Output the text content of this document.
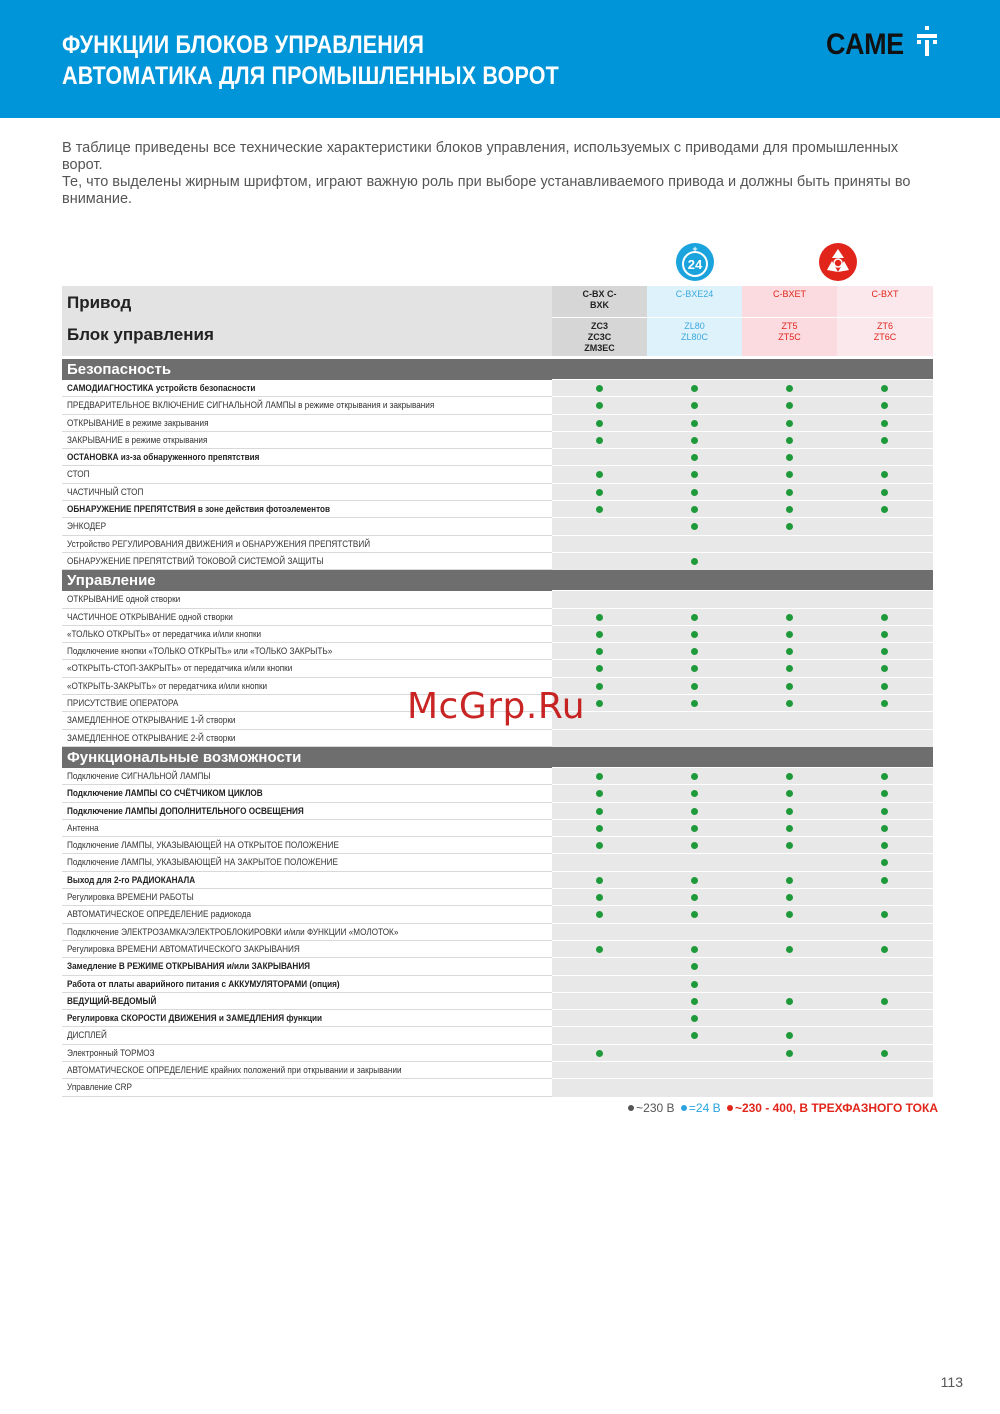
ФУНКЦИИ БЛОКОВ УПРАВЛЕНИЯ
АВТОМАТИКА ДЛЯ ПРОМЫШЛЕННЫХ ВОРОТ
CAME

В таблице приведены все технические характеристики блоков управления, используемых с приводами для промышленных ворот.

Те, что выделены жирным шрифтом, играют важную роль при выборе устанавливаемого привода и должны быть приняты во внимание.

24
+
Привод
Блок управления
C-BX C-BXK
ZC3 ZC3C ZM3EC
C-BXE24
ZL80 ZL80C
C-BXET
ZT5 ZT5C
C-BXT
ZT6 ZT6C
Безопасность
САМОДИАГНОСТИКА устройств безопасности
ПРЕДВАРИТЕЛЬНОЕ ВКЛЮЧЕНИЕ СИГНАЛЬНОЙ ЛАМПЫ в режиме открывания и закрывания
ОТКРЫВАНИЕ в режиме закрывания
ЗАКРЫВАНИЕ в режиме открывания
ОСТАНОВКА из-за обнаруженного препятствия
СТОП
ЧАСТИЧНЫЙ СТОП
ОБНАРУЖЕНИЕ ПРЕПЯТСТВИЯ в зоне действия фотоэлементов
ЭНКОДЕР
Устройство РЕГУЛИРОВАНИЯ ДВИЖЕНИЯ и ОБНАРУЖЕНИЯ ПРЕПЯТСТВИЙ
ОБНАРУЖЕНИЕ ПРЕПЯТСТВИЙ ТОКОВОЙ СИСТЕМОЙ ЗАЩИТЫ
Управление
ОТКРЫВАНИЕ одной створки
ЧАСТИЧНОЕ ОТКРЫВАНИЕ одной створки
«ТОЛЬКО ОТКРЫТЬ» от передатчика и/или кнопки
Подключение кнопки «ТОЛЬКО ОТКРЫТЬ» или «ТОЛЬКО ЗАКРЫТЬ»
«ОТКРЫТЬ-СТОП-ЗАКРЫТЬ» от передатчика и/или кнопки
«ОТКРЫТЬ-ЗАКРЫТЬ» от передатчика и/или кнопки
ПРИСУТСТВИЕ ОПЕРАТОРА
ЗАМЕДЛЕННОЕ ОТКРЫВАНИЕ 1-Й створки
ЗАМЕДЛЕННОЕ ОТКРЫВАНИЕ 2-Й створки
Функциональные возможности
Подключение СИГНАЛЬНОЙ ЛАМПЫ
Подключение ЛАМПЫ СО СЧЁТЧИКОМ ЦИКЛОВ
Подключение ЛАМПЫ ДОПОЛНИТЕЛЬНОГО ОСВЕЩЕНИЯ
Антенна
Подключение ЛАМПЫ, УКАЗЫВАЮЩЕЙ НА ОТКРЫТОЕ ПОЛОЖЕНИЕ
Подключение ЛАМПЫ, УКАЗЫВАЮЩЕЙ НА ЗАКРЫТОЕ ПОЛОЖЕНИЕ
Выход для 2-го РАДИОКАНАЛА
Регулировка ВРЕМЕНИ РАБОТЫ
АВТОМАТИЧЕСКОЕ ОПРЕДЕЛЕНИЕ радиокода
Подключение ЭЛЕКТРОЗАМКА/ЭЛЕКТРОБЛОКИРОВКИ и/или ФУНКЦИИ «МОЛОТОК»
Регулировка ВРЕМЕНИ АВТОМАТИЧЕСКОГО ЗАКРЫВАНИЯ
Замедление В РЕЖИМЕ ОТКРЫВАНИЯ и/или ЗАКРЫВАНИЯ
Работа от платы аварийного питания с АККУМУЛЯТОРАМИ (опция)
ВЕДУЩИЙ-ВЕДОМЫЙ
Регулировка СКОРОСТИ ДВИЖЕНИЯ и ЗАМЕДЛЕНИЯ функции
ДИСПЛЕЙ
Электронный ТОРМОЗ
АВТОМАТИЧЕСКОЕ ОПРЕДЕЛЕНИЕ крайних положений при открывании и закрывании
Управление CRP
~230 В =24 В ~230 - 400, В ТРЕХФАЗНОГО ТОКА
McGrp.Ru
113
